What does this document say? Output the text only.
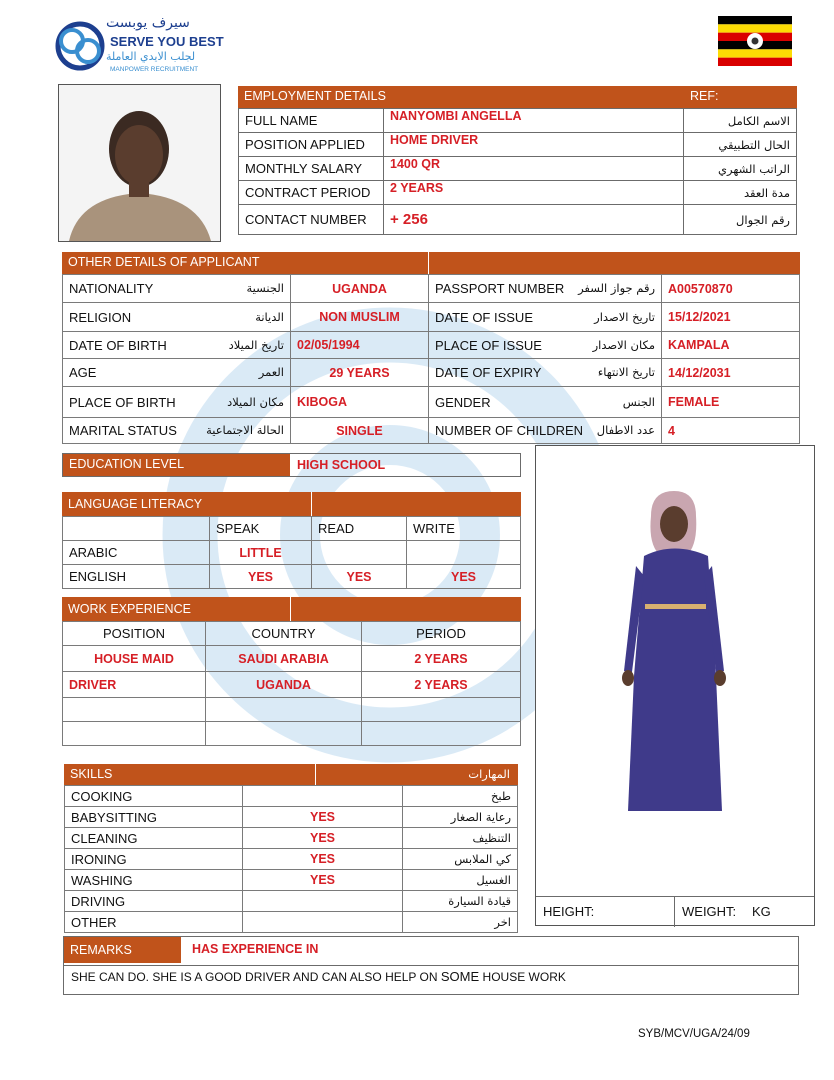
سيرف يوبست
SERVE YOU BEST
لجلب الايدي العاملة
MANPOWER RECRUITMENT
EMPLOYMENT DETAILS	REF:
FULL NAME	NANYOMBI ANGELLA	الاسم الكامل
POSITION APPLIED	HOME DRIVER	الحال التطبيقي
MONTHLY SALARY	1400 QR	الراتب الشهري
CONTRACT PERIOD	2 YEARS	مدة العقد
CONTACT NUMBER	+ 256	رقم الجوال
OTHER DETAILS OF APPLICANT
NATIONALITY الجنسية	UGANDA	PASSPORT NUMBER رقم جواز السفر	A00570870
RELIGION الديانة	NON MUSLIM	DATE OF ISSUE تاريخ الاصدار	15/12/2021
DATE OF BIRTH تاريخ الميلاد	02/05/1994	PLACE OF ISSUE مكان الاصدار	KAMPALA
AGE العمر	29 YEARS	DATE OF EXPIRY تاريخ الانتهاء	14/12/2031
PLACE OF BIRTH مكان الميلاد	KIBOGA	GENDER الجنس	FEMALE
MARITAL STATUS الحالة الاجتماعية	SINGLE	NUMBER OF CHILDREN عدد الاطفال	4
EDUCATION LEVEL	HIGH SCHOOL
HEIGHT:	WEIGHT: KG
LANGUAGE LITERACY
	SPEAK	READ	WRITE
ARABIC	LITTLE		
ENGLISH	YES	YES	YES
WORK EXPERIENCE
POSITION	COUNTRY	PERIOD
HOUSE MAID	SAUDI ARABIA	2 YEARS
DRIVER	UGANDA	2 YEARS

SKILLS	المهارات
COOKING		طبخ
BABYSITTING	YES	رعاية الصغار
CLEANING	YES	التنظيف
IRONING	YES	كي الملابس
WASHING	YES	الغسيل
DRIVING		قيادة السيارة
OTHER		اخر
REMARKS	HAS EXPERIENCE IN
SHE CAN DO. SHE IS A GOOD DRIVER AND CAN ALSO HELP ON SOME HOUSE WORK
SYB/MCV/UGA/24/09
